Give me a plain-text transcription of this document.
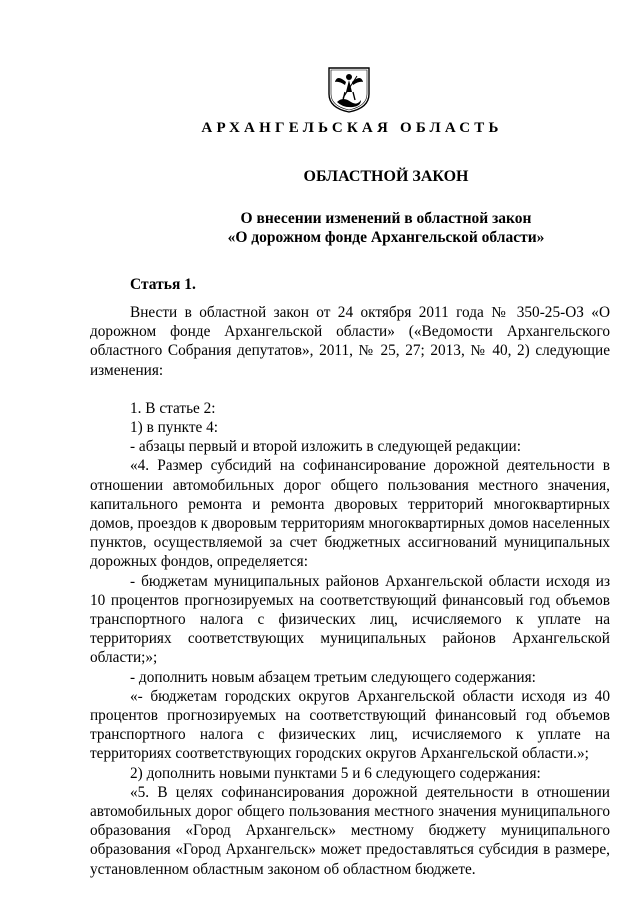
АРХАНГЕЛЬСКАЯ ОБЛАСТЬ
ОБЛАСТНОЙ ЗАКОН
О внесении изменений в областной закон
«О дорожном фонде Архангельской области»
Статья 1.

Внести в областной закон от 24 октября 2011 года № 350-25-ОЗ «О дорожном фонде Архангельской области» («Ведомости Архангельского областного Собрания депутатов», 2011, № 25, 27; 2013, № 40, 2) следующие изменения:

1. В статье 2:

1) в пункте 4:

- абзацы первый и второй изложить в следующей редакции:

«4. Размер субсидий на софинансирование дорожной деятельности в отношении автомобильных дорог общего пользования местного значения, капитального ремонта и ремонта дворовых территорий многоквартирных домов, проездов к дворовым территориям многоквартирных домов населенных пунктов, осуществляемой за счет бюджетных ассигнований муниципальных дорожных фондов, определяется:

- бюджетам муниципальных районов Архангельской области исходя из 10 процентов прогнозируемых на соответствующий финансовый год объемов транспортного налога с физических лиц, исчисляемого к уплате на территориях соответствующих муниципальных районов Архангельской области;»;

- дополнить новым абзацем третьим следующего содержания:

«- бюджетам городских округов Архангельской области исходя из 40 процентов прогнозируемых на соответствующий финансовый год объемов транспортного налога с физических лиц, исчисляемого к уплате на территориях соответствующих городских округов Архангельской области.»;

2) дополнить новыми пунктами 5 и 6 следующего содержания:

«5. В целях софинансирования дорожной деятельности в отношении автомобильных дорог общего пользования местного значения муниципального образования «Город Архангельск» местному бюджету муниципального образования «Город Архангельск» может предоставляться субсидия в размере, установленном областным законом об областном бюджете.
